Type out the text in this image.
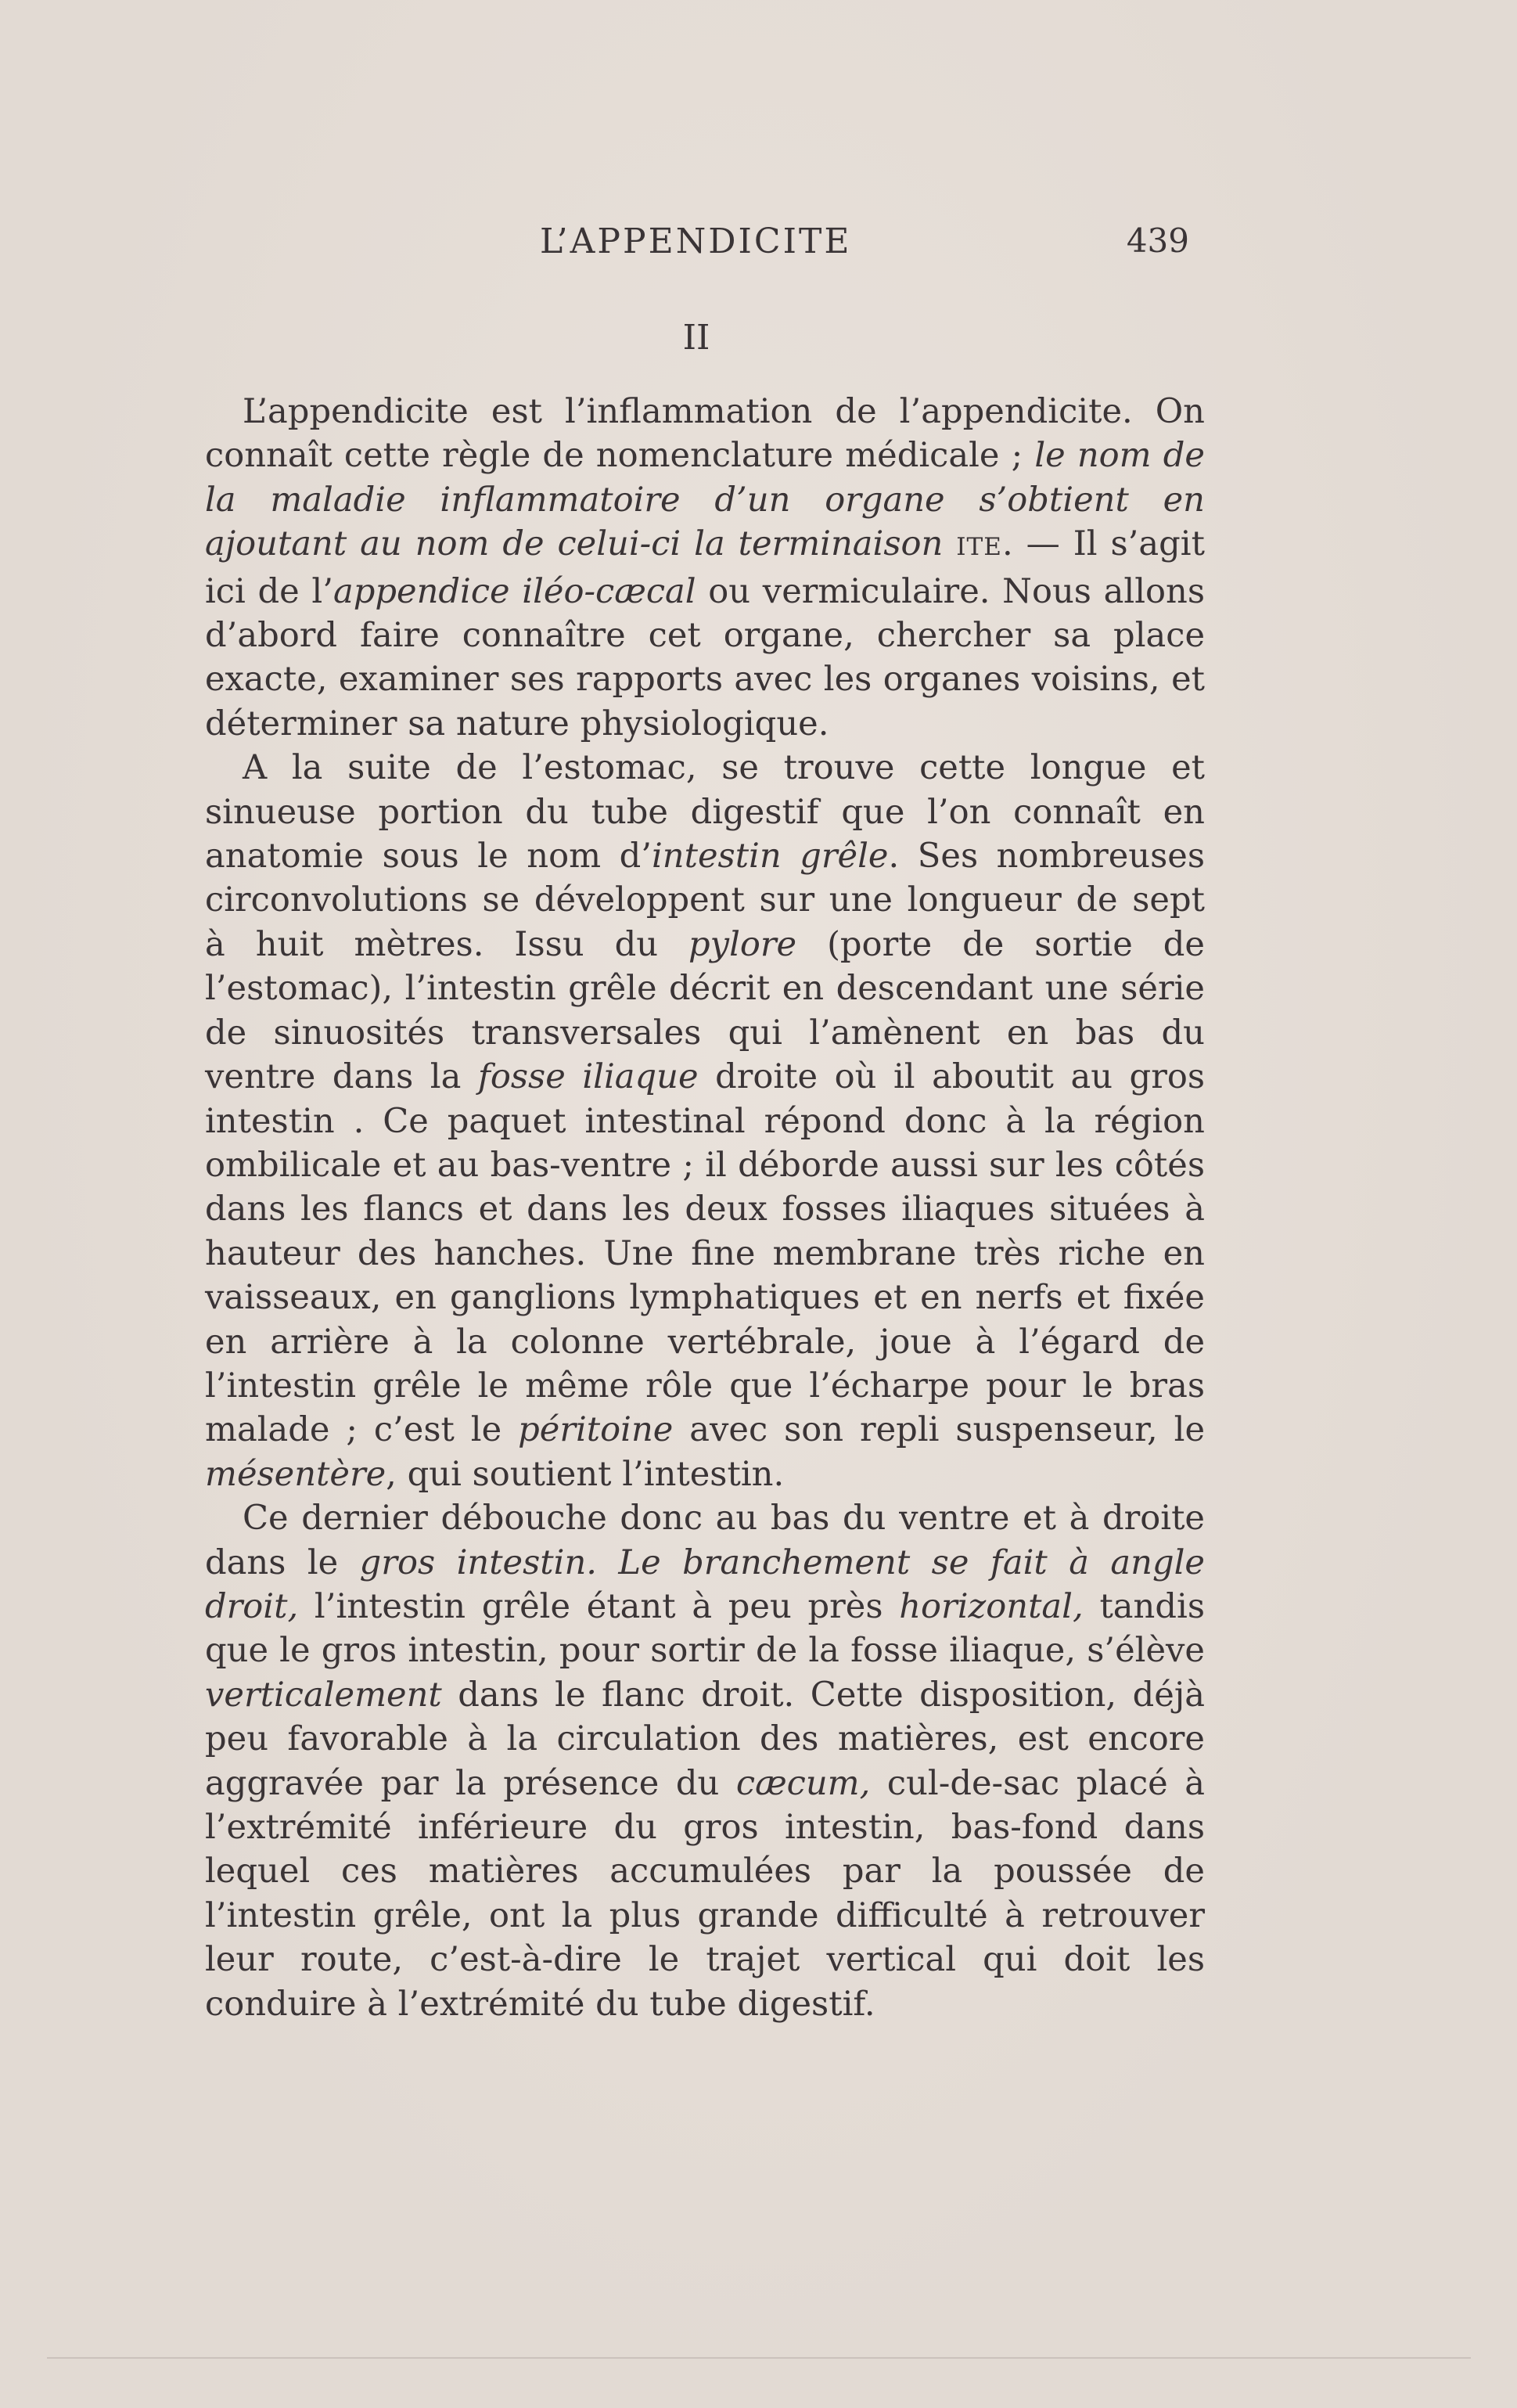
L’APPENDICITE	439
II

L’appendicite est l’inflammation de l’appendicite. On connaît cette règle de nomenclature médicale ; le nom de la maladie inflammatoire d’un organe s’obtient en ajoutant au nom de celui-ci la terminaison ITE. — Il s’agit ici de l’appendice iléo-cæcal ou vermiculaire. Nous allons d’abord faire connaître cet organe, chercher sa place exacte, examiner ses rapports avec les organes voisins, et déterminer sa nature physiologique.

A la suite de l’estomac, se trouve cette longue et sinueuse portion du tube digestif que l’on connaît en anatomie sous le nom d’intestin grêle. Ses nombreuses circonvolutions se développent sur une longueur de sept à huit mètres. Issu du pylore (porte de sortie de l’estomac), l’intestin grêle décrit en descendant une série de sinuosités transversales qui l’amènent en bas du ventre dans la fosse iliaque droite où il aboutit au gros intestin . Ce paquet intestinal répond donc à la région ombilicale et au bas-ventre ; il déborde aussi sur les côtés dans les flancs et dans les deux fosses iliaques situées à hauteur des hanches. Une fine membrane très riche en vaisseaux, en ganglions lymphatiques et en nerfs et fixée en arrière à la colonne vertébrale, joue à l’égard de l’intestin grêle le même rôle que l’écharpe pour le bras malade ; c’est le péritoine avec son repli suspenseur, le mésentère, qui soutient l’intestin.

Ce dernier débouche donc au bas du ventre et à droite dans le gros intestin. Le branchement se fait à angle droit, l’intestin grêle étant à peu près horizontal, tandis que le gros intestin, pour sortir de la fosse iliaque, s’élève verticalement dans le flanc droit. Cette disposition, déjà peu favorable à la circulation des matières, est encore aggravée par la présence du cæcum, cul-de-sac placé à l’extrémité inférieure du gros intestin, bas-fond dans lequel ces matières accumulées par la poussée de l’intestin grêle, ont la plus grande difficulté à retrouver leur route, c’est-à-dire le trajet vertical qui doit les conduire à l’extrémité du tube digestif.
